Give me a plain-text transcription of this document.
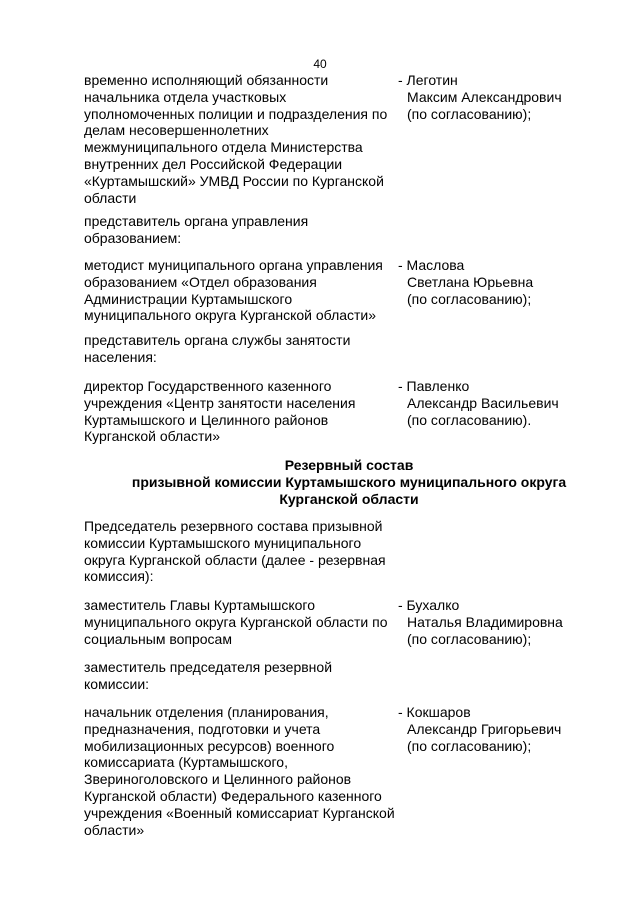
40
временно исполняющий обязанности
начальника отдела участковых
уполномоченных полиции и подразделения по
делам несовершеннолетних
межмуниципального отдела Министерства
внутренних дел Российской Федерации
«Куртамышский» УМВД России по Курганской
области
- Леготин
Максим Александрович
(по согласованию);
представитель органа управления
образованием:
методист муниципального органа управления
образованием «Отдел образования
Администрации Куртамышского
муниципального округа Курганской области»
- Маслова
Светлана Юрьевна
(по согласованию);
представитель органа службы занятости
населения:
директор Государственного казенного
учреждения «Центр занятости населения
Куртамышского и Целинного районов
Курганской области»
- Павленко
Александр Васильевич
(по согласованию).
Резервный состав
призывной комиссии Куртамышского муниципального округа
Курганской области
Председатель резервного состава призывной
комиссии Куртамышского муниципального
округа Курганской области (далее - резервная
комиссия):
заместитель Главы Куртамышского
муниципального округа Курганской области по
социальным вопросам
- Бухалко
Наталья Владимировна
(по согласованию);
заместитель председателя резервной
комиссии:
начальник отделения (планирования,
предназначения, подготовки и учета
мобилизационных ресурсов) военного
комиссариата (Куртамышского,
Звериноголовского и Целинного районов
Курганской области) Федерального казенного
учреждения «Военный комиссариат Курганской
области»
- Кокшаров
Александр Григорьевич
(по согласованию);
